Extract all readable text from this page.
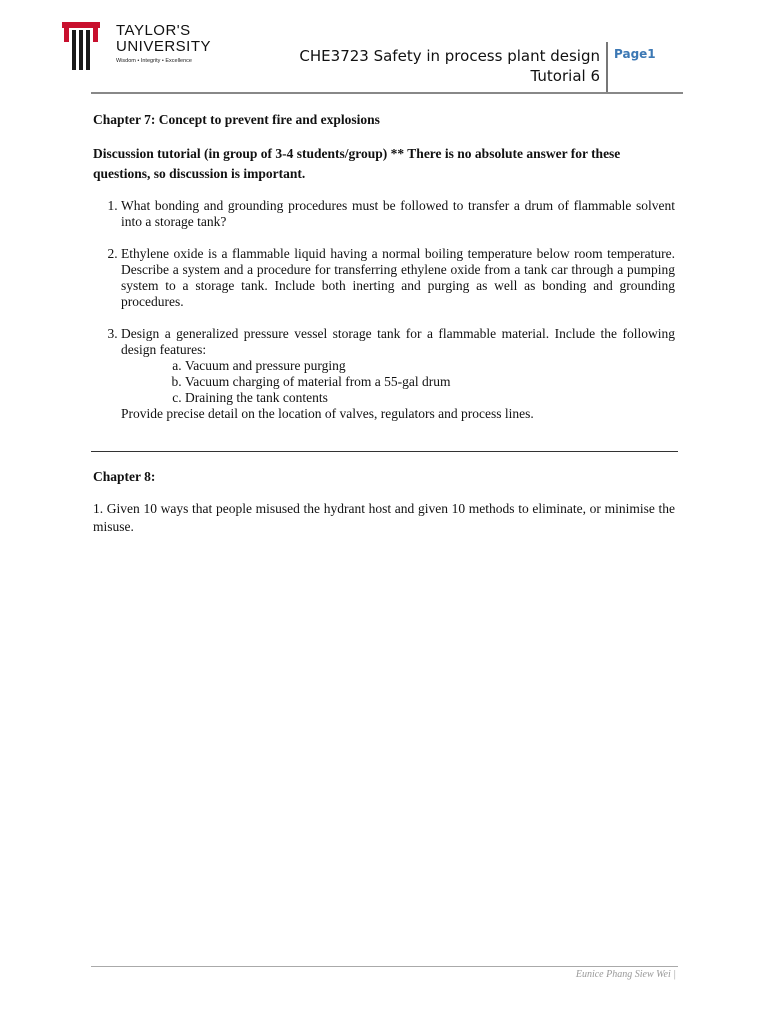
TAYLOR'S
UNIVERSITY
Wisdom • Integrity • Excellence	CHE3723 Safety in process plant design
Tutorial 6
Page1

Chapter 7: Concept to prevent fire and explosions

Discussion tutorial (in group of 3-4 students/group) ** There is no absolute answer for these questions, so discussion is important.

1. What bonding and grounding procedures must be followed to transfer a drum of flammable solvent into a storage tank?
2. Ethylene oxide is a flammable liquid having a normal boiling temperature below room temperature. Describe a system and a procedure for transferring ethylene oxide from a tank car through a pumping system to a storage tank. Include both inerting and purging as well as bonding and grounding procedures.
3. Design a generalized pressure vessel storage tank for a flammable material. Include the following design features:
a. Vacuum and pressure purging
b. Vacuum charging of material from a 55-gal drum
c. Draining the tank contents
Provide precise detail on the location of valves, regulators and process lines.

Chapter 8:

1. Given 10 ways that people misused the hydrant host and given 10 methods to eliminate, or minimise the misuse.

Eunice Phang Siew Wei |
